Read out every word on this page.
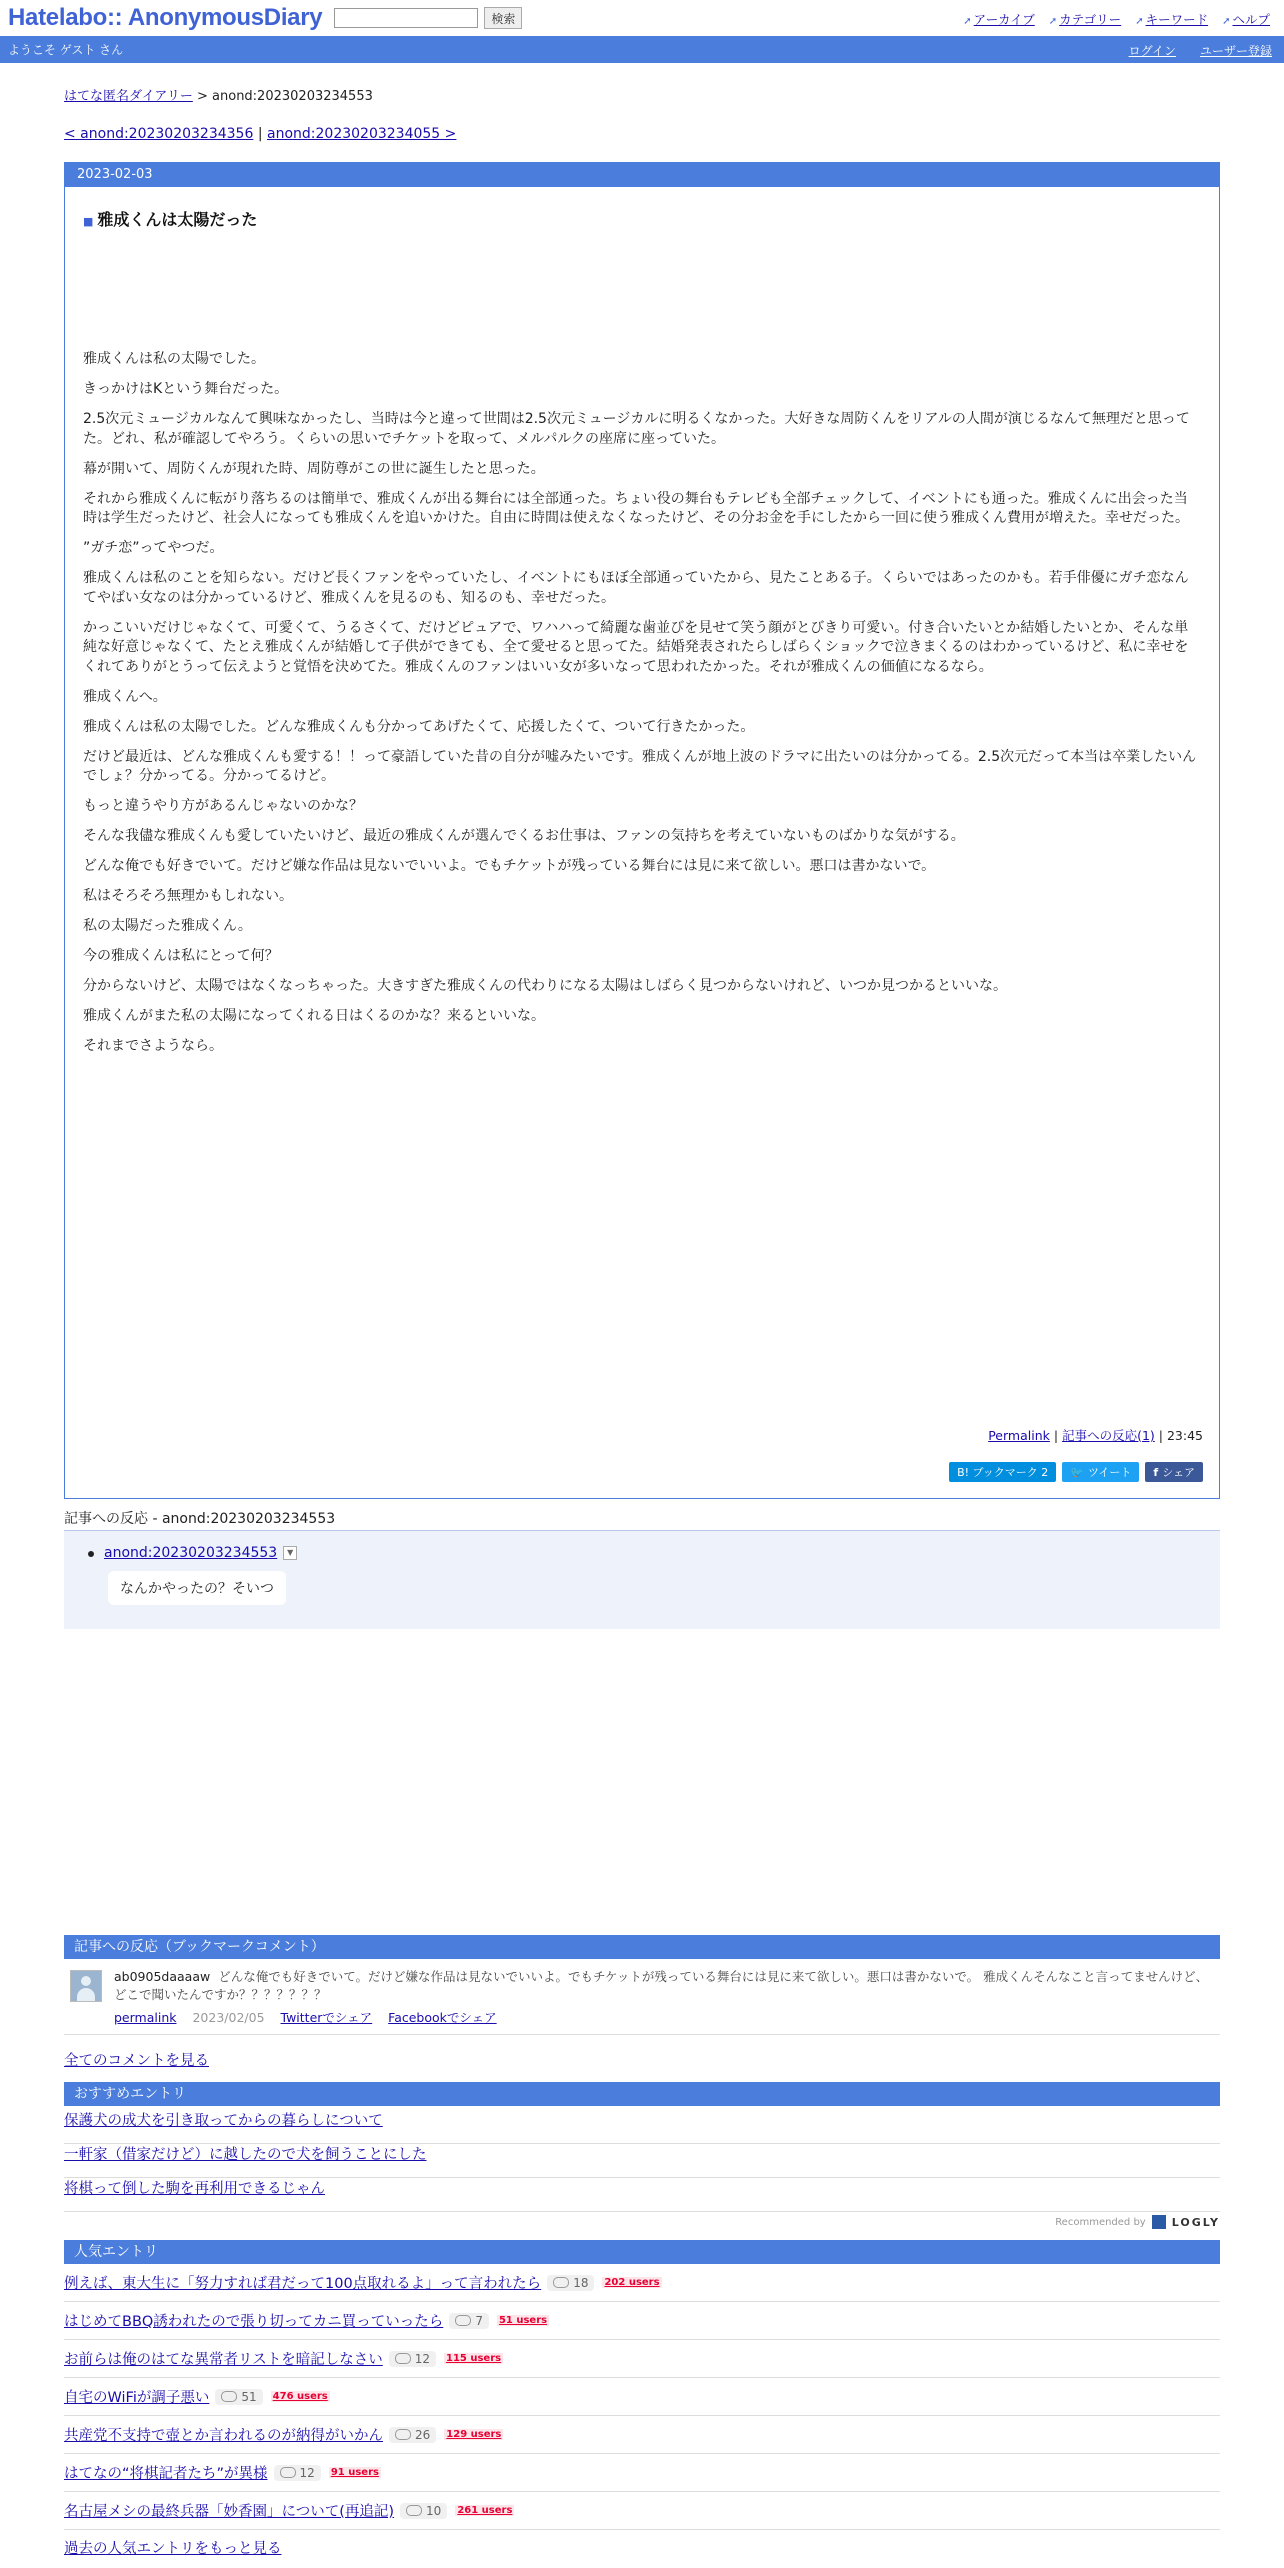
Hatelabo:: AnonymousDiary	検索	➚ アーカイブ ➚ カテゴリー ➚ キーワード ➚ ヘルプ
ようこそ ゲスト さん	ログイン ユーザー登録
はてな匿名ダイアリー > anond:20230203234553
< anond:20230203234356 | anond:20230203234055 >
2023-02-03
■ 雅成くんは太陽だった

雅成くんは私の太陽でした。

きっかけはKという舞台だった。

2.5次元ミュージカルなんて興味なかったし、当時は今と違って世間は2.5次元ミュージカルに明るくなかった。大好きな周防くんをリアルの人間が演じるなんて無理だと思ってた。どれ、私が確認してやろう。くらいの思いでチケットを取って、メルパルクの座席に座っていた。

幕が開いて、周防くんが現れた時、周防尊がこの世に誕生したと思った。

それから雅成くんに転がり落ちるのは簡単で、雅成くんが出る舞台には全部通った。ちょい役の舞台もテレビも全部チェックして、イベントにも通った。雅成くんに出会った当時は学生だったけど、社会人になっても雅成くんを追いかけた。自由に時間は使えなくなったけど、その分お金を手にしたから一回に使う雅成くん費用が増えた。幸せだった。

”ガチ恋”ってやつだ。

雅成くんは私のことを知らない。だけど長くファンをやっていたし、イベントにもほぼ全部通っていたから、見たことある子。くらいではあったのかも。若手俳優にガチ恋なんてやばい女なのは分かっているけど、雅成くんを見るのも、知るのも、幸せだった。

かっこいいだけじゃなくて、可愛くて、うるさくて、だけどピュアで、ワハハって綺麗な歯並びを見せて笑う顔がとびきり可愛い。付き合いたいとか結婚したいとか、そんな単純な好意じゃなくて、たとえ雅成くんが結婚して子供ができても、全て愛せると思ってた。結婚発表されたらしばらくショックで泣きまくるのはわかっているけど、私に幸せをくれてありがとうって伝えようと覚悟を決めてた。雅成くんのファンはいい女が多いなって思われたかった。それが雅成くんの価値になるなら。

雅成くんへ。

雅成くんは私の太陽でした。どんな雅成くんも分かってあげたくて、応援したくて、ついて行きたかった。

だけど最近は、どんな雅成くんも愛する！！って豪語していた昔の自分が嘘みたいです。雅成くんが地上波のドラマに出たいのは分かってる。2.5次元だって本当は卒業したいんでしょ？分かってる。分かってるけど。

もっと違うやり方があるんじゃないのかな？

そんな我儘な雅成くんも愛していたいけど、最近の雅成くんが選んでくるお仕事は、ファンの気持ちを考えていないものばかりな気がする。

どんな俺でも好きでいて。だけど嫌な作品は見ないでいいよ。でもチケットが残っている舞台には見に来て欲しい。悪口は書かないで。

私はそろそろ無理かもしれない。

私の太陽だった雅成くん。

今の雅成くんは私にとって何？

分からないけど、太陽ではなくなっちゃった。大きすぎた雅成くんの代わりになる太陽はしばらく見つからないけれど、いつか見つかるといいな。

雅成くんがまた私の太陽になってくれる日はくるのかな？来るといいな。

それまでさようなら。

Permalink | 記事への反応(1) | 23:45
B! ブックマーク 2	🐦 ツイート f シェア
記事への反応 - anond:20230203234553
anond:20230203234553 ▼
なんかやったの？そいつ
記事への反応（ブックマークコメント）
ab0905daaaaw どんな俺でも好きでいて。だけど嫌な作品は見ないでいいよ。でもチケットが残っている舞台には見に来て欲しい。悪口は書かないで。 雅成くんそんなこと言ってませんけど、どこで聞いたんですか？？？？？？？
permalink 2023/02/05 Twitterでシェア Facebookでシェア
全てのコメントを見る
おすすめエントリ
保護犬の成犬を引き取ってからの暮らしについて
一軒家（借家だけど）に越したので犬を飼うことにした
将棋って倒した駒を再利用できるじゃん
Recommended by LOGLY
人気エントリ
例えば、東大生に「努力すれば君だって100点取れるよ」って言われたら	18 202 users
はじめてBBQ誘われたので張り切ってカニ買っていったら	7 51 users
お前らは俺のはてな異常者リストを暗記しなさい	12 115 users
自宅のWiFiが調子悪い	51 476 users
共産党不支持で壺とか言われるのが納得がいかん	26 129 users
はてなの“将棋記者たち”が異様	12 91 users
名古屋メシの最終兵器「妙香園」について(再追記)	10 261 users
過去の人気エントリをもっと見る
